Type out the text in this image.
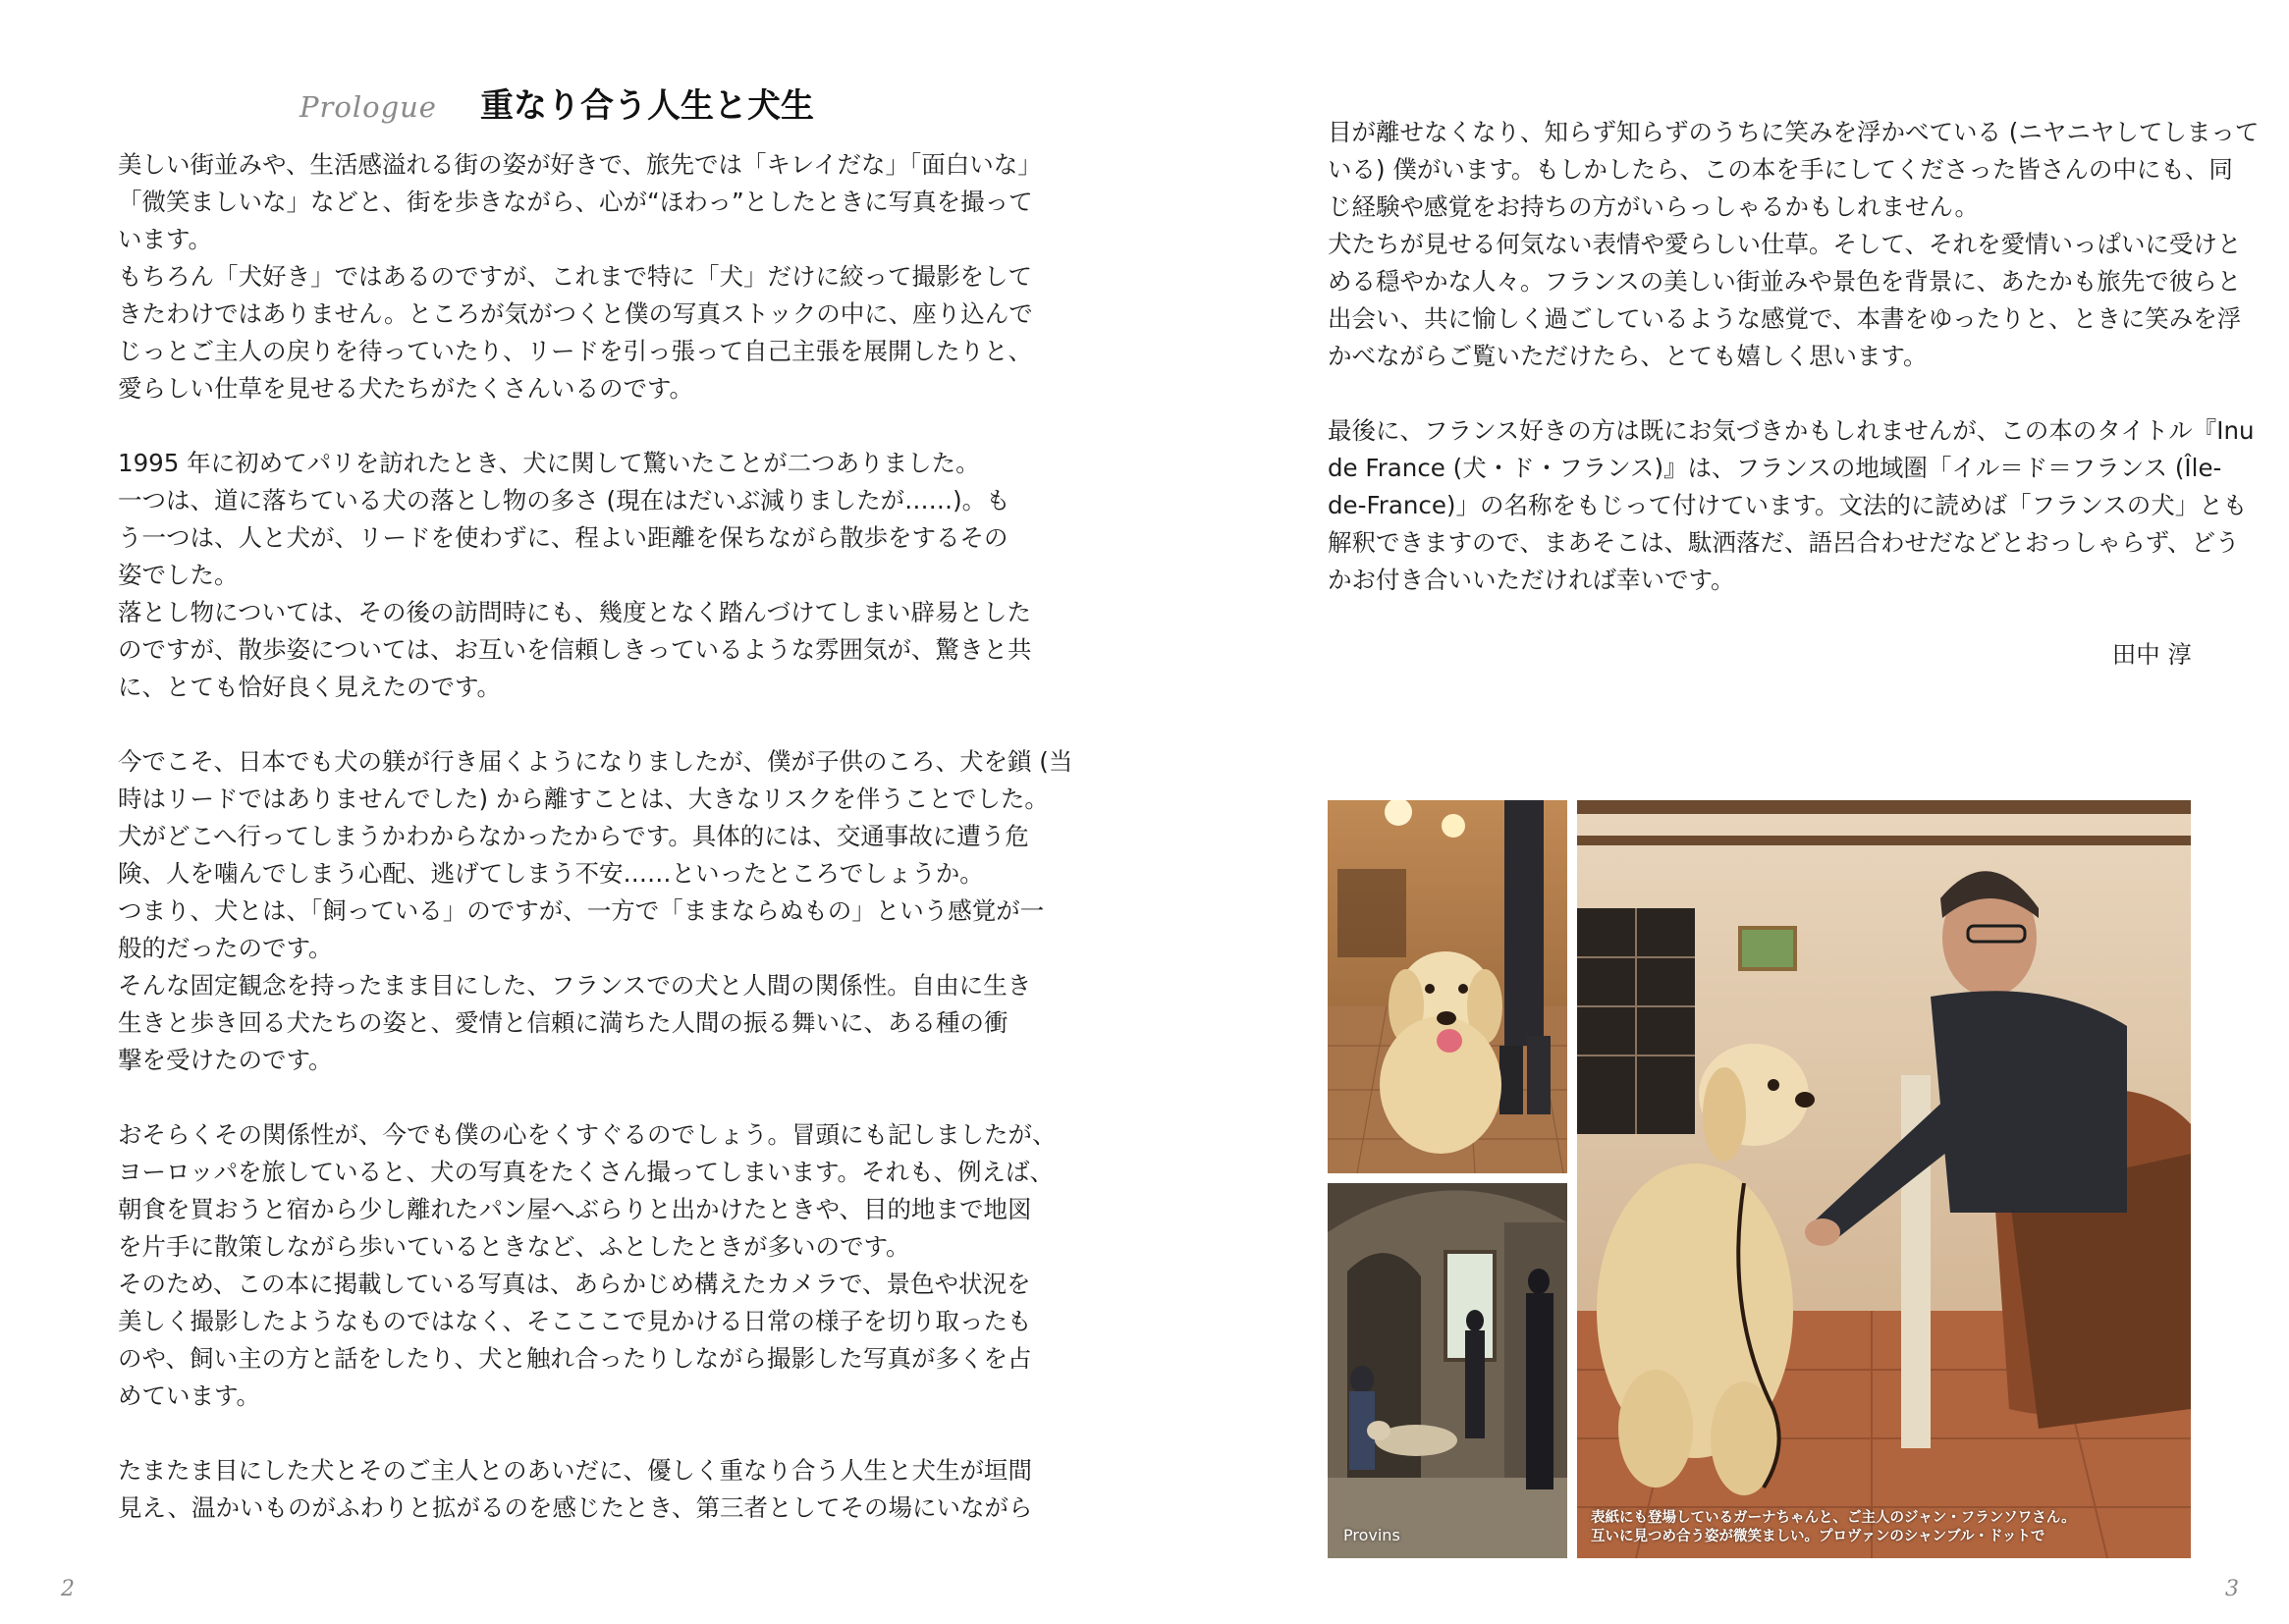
Prologue 重なり合う人生と犬生

美しい街並みや、生活感溢れる街の姿が好きで、旅先では「キレイだな」「面白いな」
「微笑ましいな」などと、街を歩きながら、心が“ほわっ”としたときに写真を撮って
います。
もちろん「犬好き」ではあるのですが、これまで特に「犬」だけに絞って撮影をして
きたわけではありません。ところが気がつくと僕の写真ストックの中に、座り込んで
じっとご主人の戻りを待っていたり、リードを引っ張って自己主張を展開したりと、
愛らしい仕草を見せる犬たちがたくさんいるのです。

1995 年に初めてパリを訪れたとき、犬に関して驚いたことが二つありました。
一つは、道に落ちている犬の落とし物の多さ (現在はだいぶ減りましたが……)。も
う一つは、人と犬が、リードを使わずに、程よい距離を保ちながら散歩をするその
姿でした。
落とし物については、その後の訪問時にも、幾度となく踏んづけてしまい辟易とした
のですが、散歩姿については、お互いを信頼しきっているような雰囲気が、驚きと共
に、とても恰好良く見えたのです。

今でこそ、日本でも犬の躾が行き届くようになりましたが、僕が子供のころ、犬を鎖 (当
時はリードではありませんでした) から離すことは、大きなリスクを伴うことでした。
犬がどこへ行ってしまうかわからなかったからです。具体的には、交通事故に遭う危
険、人を噛んでしまう心配、逃げてしまう不安……といったところでしょうか。
つまり、犬とは、「飼っている」のですが、一方で「ままならぬもの」という感覚が一
般的だったのです。
そんな固定観念を持ったまま目にした、フランスでの犬と人間の関係性。自由に生き
生きと歩き回る犬たちの姿と、愛情と信頼に満ちた人間の振る舞いに、ある種の衝
撃を受けたのです。

おそらくその関係性が、今でも僕の心をくすぐるのでしょう。冒頭にも記しましたが、
ヨーロッパを旅していると、犬の写真をたくさん撮ってしまいます。それも、例えば、
朝食を買おうと宿から少し離れたパン屋へぶらりと出かけたときや、目的地まで地図
を片手に散策しながら歩いているときなど、ふとしたときが多いのです。
そのため、この本に掲載している写真は、あらかじめ構えたカメラで、景色や状況を
美しく撮影したようなものではなく、そこここで見かける日常の様子を切り取ったも
のや、飼い主の方と話をしたり、犬と触れ合ったりしながら撮影した写真が多くを占
めています。

たまたま目にした犬とそのご主人とのあいだに、優しく重なり合う人生と犬生が垣間
見え、温かいものがふわりと拡がるのを感じたとき、第三者としてその場にいながら

2

目が離せなくなり、知らず知らずのうちに笑みを浮かべている (ニヤニヤしてしまって
いる) 僕がいます。もしかしたら、この本を手にしてくださった皆さんの中にも、同
じ経験や感覚をお持ちの方がいらっしゃるかもしれません。
犬たちが見せる何気ない表情や愛らしい仕草。そして、それを愛情いっぱいに受けと
める穏やかな人々。フランスの美しい街並みや景色を背景に、あたかも旅先で彼らと
出会い、共に愉しく過ごしているような感覚で、本書をゆったりと、ときに笑みを浮
かべながらご覧いただけたら、とても嬉しく思います。

最後に、フランス好きの方は既にお気づきかもしれませんが、この本のタイトル『Inu
de France (犬・ド・フランス)』は、フランスの地域圏「イル＝ド＝フランス (Île-
de-France)」の名称をもじって付けています。文法的に読めば「フランスの犬」とも
解釈できますので、まあそこは、駄洒落だ、語呂合わせだなどとおっしゃらず、どう
かお付き合いいただければ幸いです。

田中 淳
Provins
表紙にも登場しているガーナちゃんと、ご主人のジャン・フランソワさん。
互いに見つめ合う姿が微笑ましい。プロヴァンのシャンブル・ドットで
3
